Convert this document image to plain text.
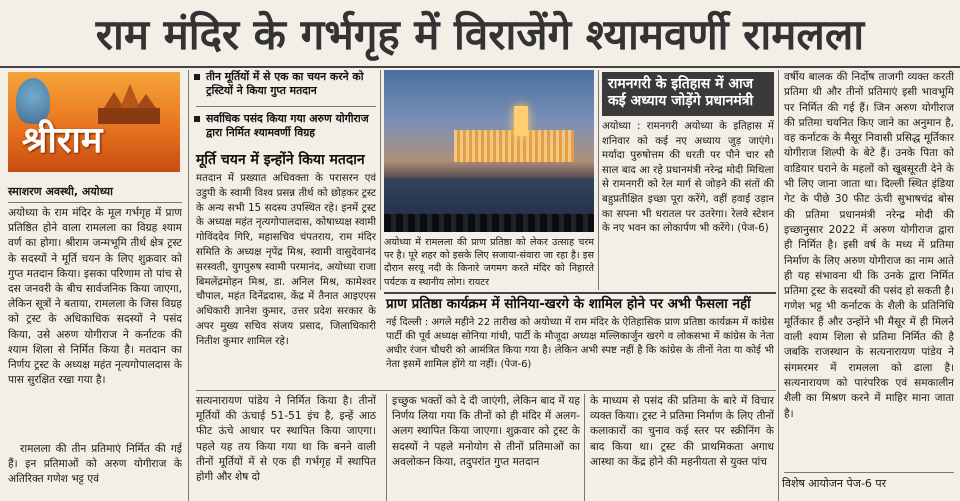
राम मंदिर के गर्भगृह में विराजेंगे श्यामवर्णी रामलला
श्रीराम
स्माशरण अवस्थी, अयोध्या

अयोध्या के राम मंदिर के मूल गर्भगृह में प्राण प्रतिष्ठित होने वाला रामलला का विग्रह श्याम वर्ण का होगा। श्रीराम जन्मभूमि तीर्थ क्षेत्र ट्रस्ट के सदस्यों ने मूर्ति चयन के लिए शुक्रवार को गुप्त मतदान किया। इसका परिणाम तो पांच से दस जनवरी के बीच सार्वजनिक किया जाएगा, लेकिन सूत्रों ने बताया, रामलला के जिस विग्रह को ट्रस्ट के अधिकाधिक सदस्यों ने पसंद किया, उसे अरुण योगीराज ने कर्नाटक की श्याम शिला से निर्मित किया है। मतदान का निर्णय ट्रस्ट के अध्यक्ष महंत नृत्यगोपालदास के पास सुरक्षित रखा गया है।

रामलला की तीन प्रतिमाएं निर्मित की गई हैं। इन प्रतिमाओं को अरुण योगीराज के अतिरिक्त गणेश भट्ट एवं

तीन मूर्तियों में से एक का चयन करने को ट्रस्टियों ने किया गुप्त मतदान
सर्वाधिक पसंद किया गया अरुण योगीराज द्वारा निर्मित श्यामवर्णी विग्रह
मूर्ति चयन में इन्होंने किया मतदान

मतदान में प्रख्यात अधिवक्ता के परासरन एवं उडुपी के स्वामी विश्व प्रसन्न तीर्थ को छोड़कर ट्रस्ट के अन्य सभी 15 सदस्य उपस्थित रहे। इनमें ट्रस्ट के अध्यक्ष महंत नृत्यगोपालदास, कोषाध्यक्ष स्वामी गोविंददेव गिरि, महासचिव चंपतराय, राम मंदिर समिति के अध्यक्ष नृपेंद्र मिश्र, स्वामी वासुदेवानंद सरस्वती, युगपुरुष स्वामी परमानंद, अयोध्या राजा बिमलेंद्रमोहन मिश्र, डा. अनिल मिश्र, कामेश्वर चौपाल, महंत दिनेंद्रदास, केंद्र में तैनात आइएएस अधिकारी ज्ञानेश कुमार, उत्तर प्रदेश सरकार के अपर मुख्य सचिव संजय प्रसाद, जिलाधिकारी नितीश कुमार शामिल रहे।

अयोध्या में रामलला की प्राण प्रतिष्ठा को लेकर उत्साह चरम पर है। पूरे शहर को इसके लिए सजाया-संवारा जा रहा है। इस दौरान सरयू नदी के किनारे जगमग करते मंदिर को निहारते पर्यटक व स्थानीय लोग। रायटर
रामनगरी के इतिहास में आज कई अध्याय जोड़ेंगे प्रधानमंत्री

अयोध्या : रामनगरी अयोध्या के इतिहास में शनिवार को कई नए अध्याय जुड़ जाएंगे। मर्यादा पुरुषोत्तम की धरती पर पौने चार सौ साल बाद आ रहे प्रधानमंत्री नरेन्द्र मोदी मिथिला से रामनगरी को रेल मार्ग से जोड़ने की संतों की बहुप्रतीक्षित इच्छा पूरा करेंगे, वहीं हवाई उड़ान का सपना भी धरातल पर उतरेगा। रेलवे स्टेशन के नए भवन का लोकार्पण भी करेंगे। (पेज-6)

प्राण प्रतिष्ठा कार्यक्रम में सोनिया-खरगे के शामिल होने पर अभी फैसला नहीं

नई दिल्ली : अगले महीने 22 तारीख को अयोध्या में राम मंदिर के ऐतिहासिक प्राण प्रतिष्ठा कार्यक्रम में कांग्रेस पार्टी की पूर्व अध्यक्ष सोनिया गांधी, पार्टी के मौजूदा अध्यक्ष मल्लिकार्जुन खरगे व लोकसभा में कांग्रेस के नेता अधीर रंजन चौधरी को आमंत्रित किया गया है। लेकिन अभी स्पष्ट नहीं है कि कांग्रेस के तीनों नेता या कोई भी नेता इसमें शामिल होंगे या नहीं। (पेज-6)

सत्यनारायण पांडेय ने निर्मित किया है। तीनों मूर्तियों की ऊंचाई 51-51 इंच है, इन्हें आठ फीट ऊंचे आधार पर स्थापित किया जाएगा। पहले यह तय किया गया था कि बनने वाली तीनों मूर्तियों में से एक ही गर्भगृह में स्थापित होगी और शेष दो

इच्छुक भक्तों को दे दी जाएंगी, लेकिन बाद में यह निर्णय लिया गया कि तीनों को ही मंदिर में अलग-अलग स्थापित किया जाएगा। शुक्रवार को ट्रस्ट के सदस्यों ने पहले मनोयोग से तीनों प्रतिमाओं का अवलोकन किया, तदुपरांत गुप्त मतदान

के माध्यम से पसंद की प्रतिमा के बारे में विचार व्यक्त किया। ट्रस्ट ने प्रतिमा निर्माण के लिए तीनों कलाकारों का चुनाव कई स्तर पर स्क्रीनिंग के बाद किया था। ट्रस्ट की प्राथमिकता अगाध आस्था का केंद्र होने की महनीयता से युक्त पांच

वर्षीय बालक की निर्दोष ताजगी व्यक्त करती प्रतिमा थी और तीनों प्रतिमाएं इसी भावभूमि पर निर्मित की गई हैं। जिन अरुण योगीराज की प्रतिमा चयनित किए जाने का अनुमान है, वह कर्नाटक के मैसूर निवासी प्रसिद्ध मूर्तिकार योगीराज शिल्पी के बेटे हैं। उनके पिता को वाडियार घराने के महलों को खूबसूरती देने के भी लिए जाना जाता था। दिल्ली स्थित इंडिया गेट के पीछे 30 फीट ऊंची सुभाषचंद्र बोस की प्रतिमा प्रधानमंत्री नरेन्द्र मोदी की इच्छानुसार 2022 में अरुण योगीराज द्वारा ही निर्मित है। इसी वर्ष के मध्य में प्रतिमा निर्माण के लिए अरुण योगीराज का नाम आते ही यह संभावना थी कि उनके द्वारा निर्मित प्रतिमा ट्रस्ट के सदस्यों की पसंद हो सकती है। गणेश भट्ट भी कर्नाटक के शैली के प्रतिनिधि मूर्तिकार हैं और उन्होंने भी मैसूर में ही मिलने वाली श्याम शिला से प्रतिमा निर्मित की है जबकि राजस्थान के सत्यनारायण पांडेय ने संगमरमर में रामलला को ढाला है। सत्यनारायण को पारंपरिक एवं समकालीन शैली का मिश्रण करने में माहिर माना जाता है।

विशेष आयोजन पेज-6 पर
